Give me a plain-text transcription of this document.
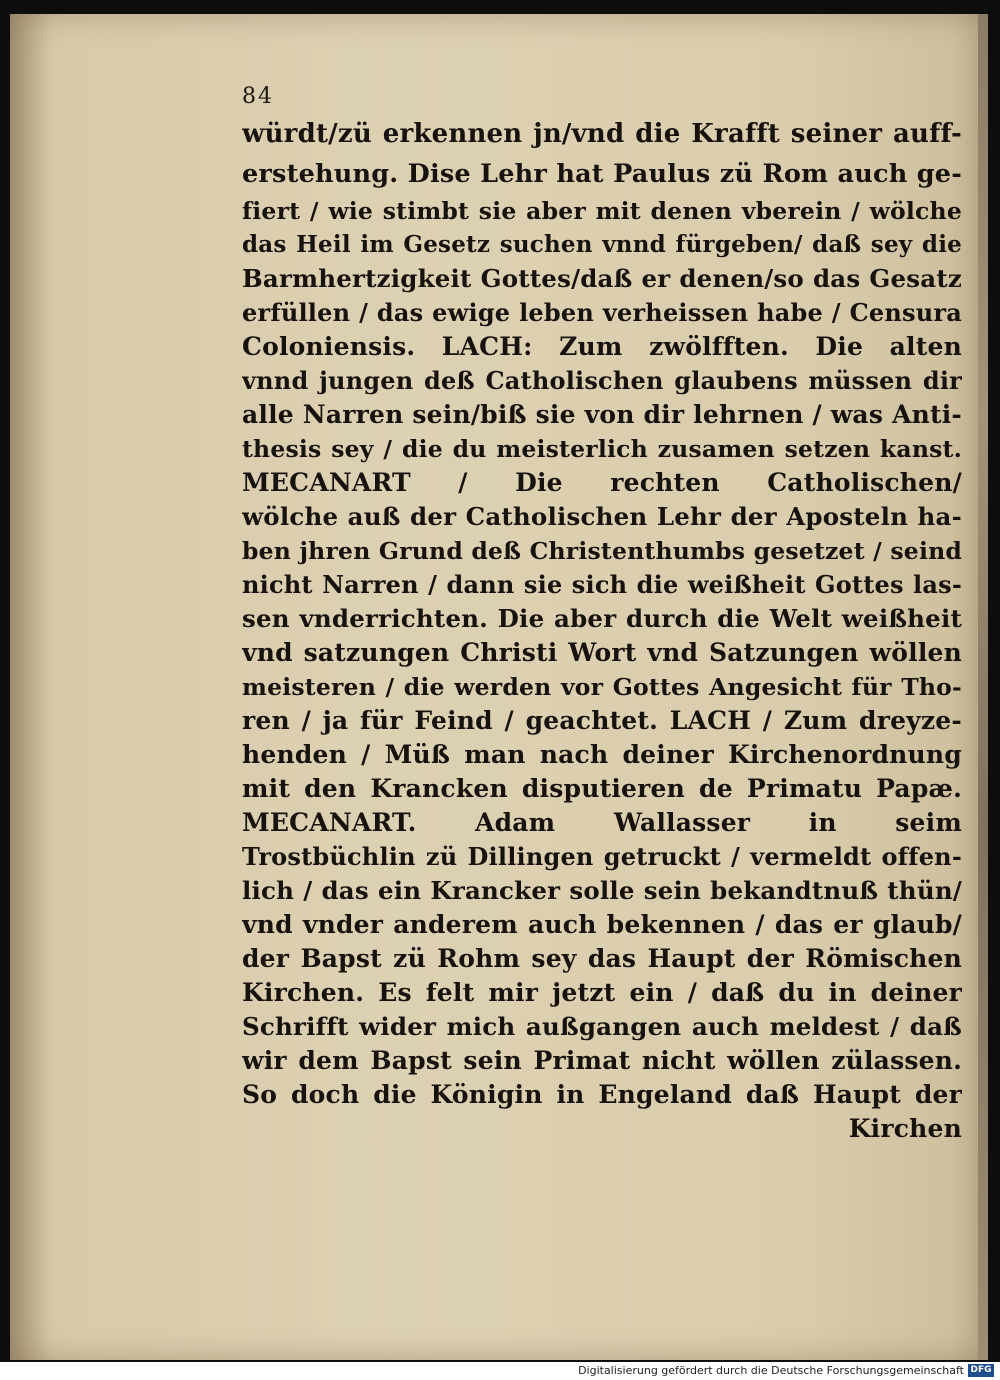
84
würdt/zü erkennen jn/vnd die Krafft seiner auff-
erstehung. Dise Lehr hat Paulus zü Rom auch ge-
fiert / wie stimbt sie aber mit denen vberein / wölche
das Heil im Gesetz suchen vnnd fürgeben/ daß sey die
Barmhertzigkeit Gottes/daß er denen/so das Gesatz
erfüllen / das ewige leben verheissen habe / Censura
Coloniensis. LACH: Zum zwölfften. Die alten
vnnd jungen deß Catholischen glaubens müssen dir
alle Narren sein/biß sie von dir lehrnen / was Anti-
thesis sey / die du meisterlich zusamen setzen kanst.
MECANART / Die rechten Catholischen/
wölche auß der Catholischen Lehr der Aposteln ha-
ben jhren Grund deß Christenthumbs gesetzet / seind
nicht Narren / dann sie sich die weißheit Gottes las-
sen vnderrichten. Die aber durch die Welt weißheit
vnd satzungen Christi Wort vnd Satzungen wöllen
meisteren / die werden vor Gottes Angesicht für Tho-
ren / ja für Feind / geachtet. LACH / Zum dreyze-
henden / Müß man nach deiner Kirchenordnung
mit den Krancken disputieren de Primatu Papæ.
MECANART. Adam Wallasser in seim
Trostbüchlin zü Dillingen getruckt / vermeldt offen-
lich / das ein Krancker solle sein bekandtnuß thün/
vnd vnder anderem auch bekennen / das er glaub/
der Bapst zü Rohm sey das Haupt der Römischen
Kirchen. Es felt mir jetzt ein / daß du in deiner
Schrifft wider mich außgangen auch meldest / daß
wir dem Bapst sein Primat nicht wöllen zülassen.
So doch die Königin in Engeland daß Haupt der
Kirchen
Digitalisierung gefördert durch die Deutsche Forschungsgemeinschaft DFG
